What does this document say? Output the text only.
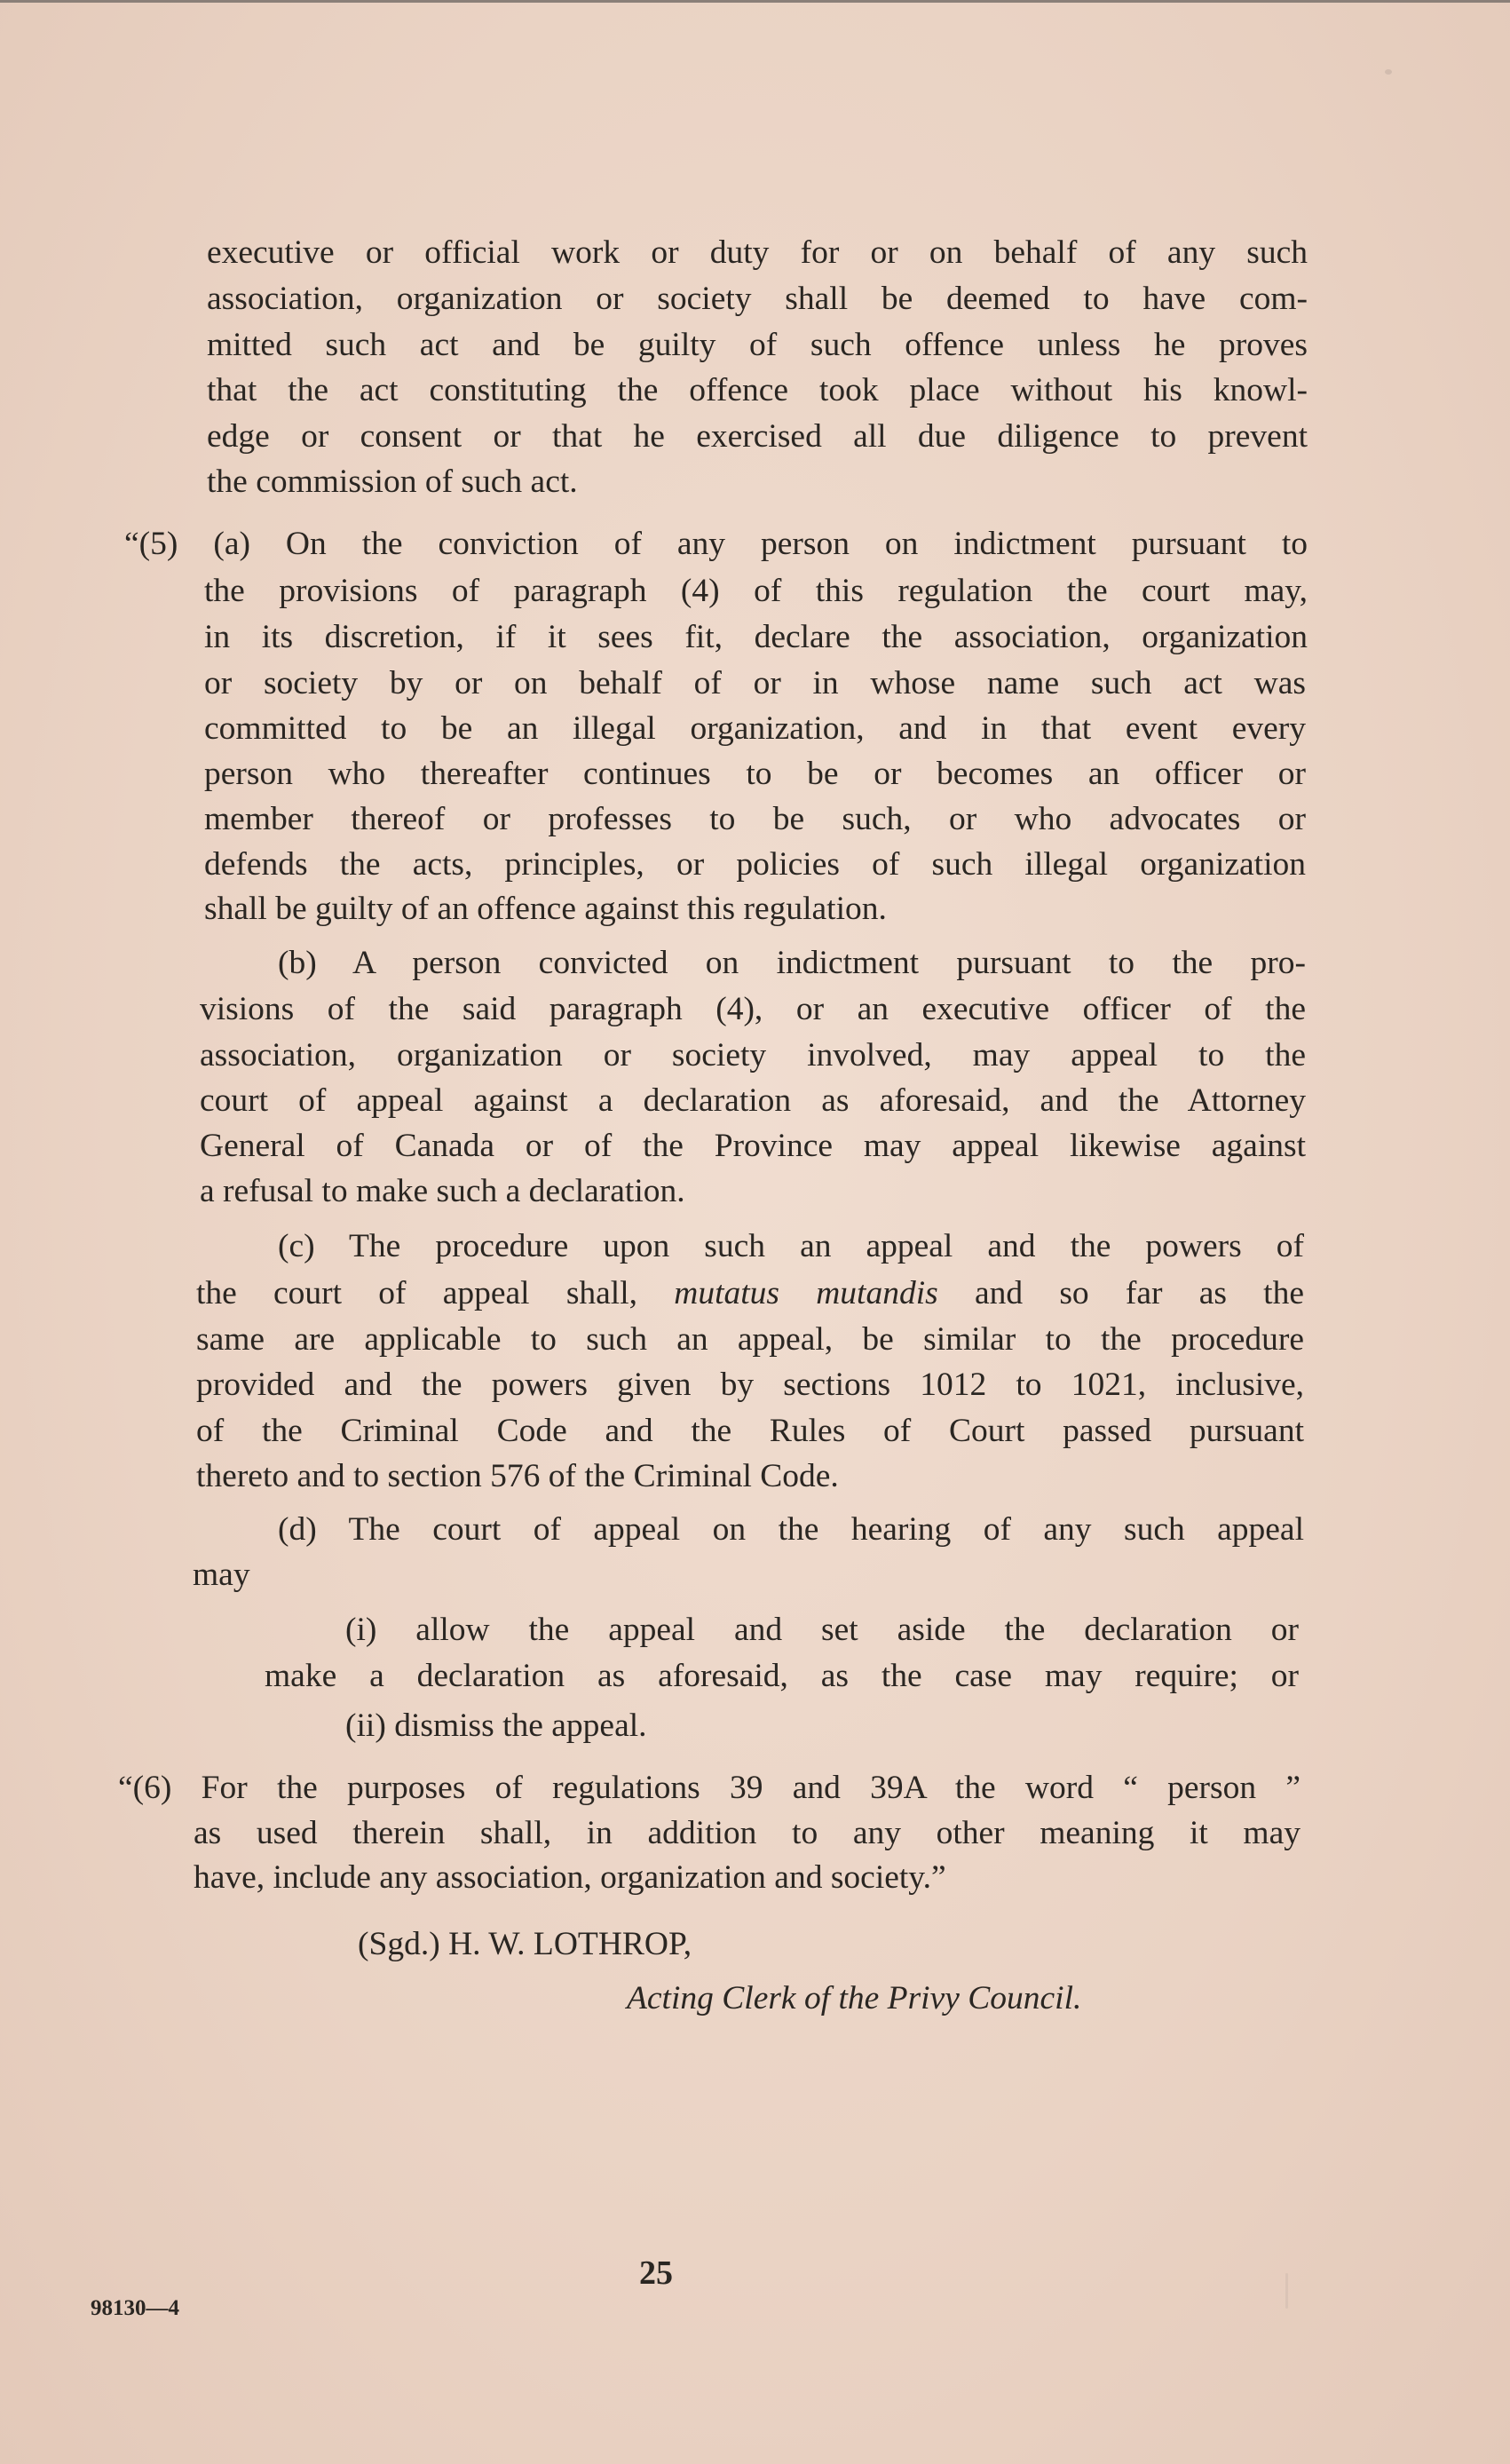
executive or official work or duty for or on behalf of any such

association, organization or society shall be deemed to have com-

mitted such act and be guilty of such offence unless he proves

that the act constituting the offence took place without his knowl-

edge or consent or that he exercised all due diligence to prevent

the commission of such act.

“(5) (a) On the conviction of any person on indictment pursuant to

the provisions of paragraph (4) of this regulation the court may,

in its discretion, if it sees fit, declare the association, organization

or society by or on behalf of or in whose name such act was

committed to be an illegal organization, and in that event every

person who thereafter continues to be or becomes an officer or

member thereof or professes to be such, or who advocates or

defends the acts, principles, or policies of such illegal organization

shall be guilty of an offence against this regulation.

(b) A person convicted on indictment pursuant to the pro-

visions of the said paragraph (4), or an executive officer of the

association, organization or society involved, may appeal to the

court of appeal against a declaration as aforesaid, and the Attorney

General of Canada or of the Province may appeal likewise against

a refusal to make such a declaration.

(c) The procedure upon such an appeal and the powers of

the court of appeal shall, mutatus mutandis and so far as the

same are applicable to such an appeal, be similar to the procedure

provided and the powers given by sections 1012 to 1021, inclusive,

of the Criminal Code and the Rules of Court passed pursuant

thereto and to section 576 of the Criminal Code.

(d) The court of appeal on the hearing of any such appeal

may

(i) allow the appeal and set aside the declaration or

make a declaration as aforesaid, as the case may require; or

(ii) dismiss the appeal.

“(6) For the purposes of regulations 39 and 39A the word “ person ”

as used therein shall, in addition to any other meaning it may

have, include any association, organization and society.”

(Sgd.) H. W. LOTHROP,

Acting Clerk of the Privy Council.

25
98130—4
